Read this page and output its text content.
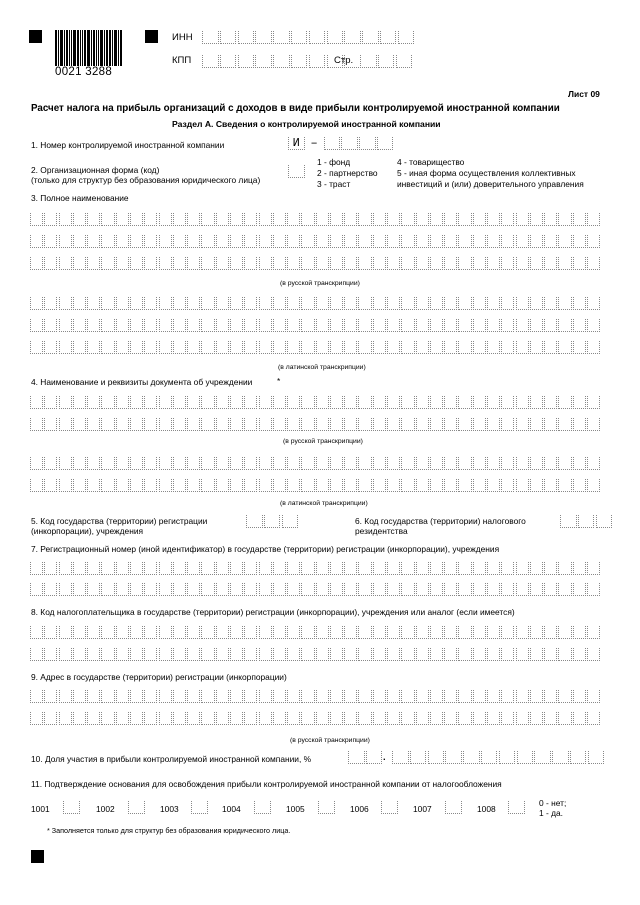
0021 3288
ИНН
КПП	Стр.
Лист 09
Расчет налога на прибыль организаций с доходов в виде прибыли контролируемой иностранной компании
Раздел А. Сведения о контролируемой иностранной компании
1. Номер контролируемой иностранной компании	И –
2. Организационная форма (код)
(только для структур без образования юридического лица)
1 - фонд
2 - партнерство
3 - траст
4 - товарищество
5 - иная форма осуществления коллективных
инвестиций и (или) доверительного управления
3. Полное наименование
(в русской транскрипции)
(в латинской транскрипции)
4. Наименование и реквизиты документа об учреждении	*
(в русской транскрипции)
(в латинской транскрипции)
5. Код государства (территории) регистрации
(инкорпорации), учреждения
6. Код государства (территории) налогового
резидентства
7. Регистрационный номер (иной идентификатор) в государстве (территории) регистрации (инкорпорации), учреждения
8. Код налогоплательщика в государстве (территории) регистрации (инкорпорации), учреждения или аналог (если имеется)
9. Адрес в государстве (территории) регистрации (инкорпорации)
(в русской транскрипции)
10. Доля участия в прибыли контролируемой иностранной компании, %	.
11. Подтверждение основания для освобождения прибыли контролируемой иностранной компании от налогообложения
1001	1002	1003	1004	1005	1006	1007	1008
0 - нет;
1 - да.
* Заполняется только для структур без образования юридического лица.
